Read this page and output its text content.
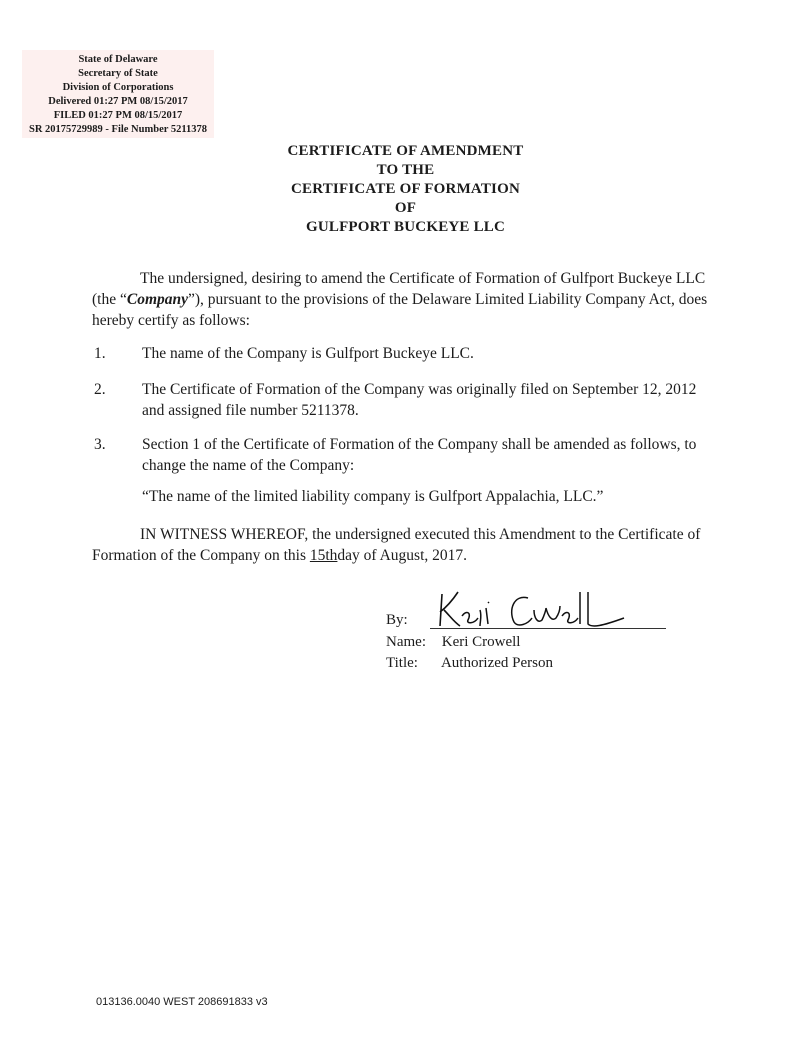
State of Delaware
Secretary of State
Division of Corporations
Delivered 01:27 PM 08/15/2017
FILED 01:27 PM 08/15/2017
SR 20175729989 - File Number 5211378
CERTIFICATE OF AMENDMENT
TO THE
CERTIFICATE OF FORMATION
OF
GULFPORT BUCKEYE LLC
The undersigned, desiring to amend the Certificate of Formation of Gulfport Buckeye LLC (the “Company”), pursuant to the provisions of the Delaware Limited Liability Company Act, does hereby certify as follows:
1. The name of the Company is Gulfport Buckeye LLC.
2. The Certificate of Formation of the Company was originally filed on September 12, 2012 and assigned file number 5211378.
3. Section 1 of the Certificate of Formation of the Company shall be amended as follows, to change the name of the Company:
“The name of the limited liability company is Gulfport Appalachia, LLC.”
IN WITNESS WHEREOF, the undersigned executed this Amendment to the Certificate of Formation of the Company on this 15thday of August, 2017.
By:
Name: Keri Crowell
Title: Authorized Person
013136.0040 WEST 208691833 v3
